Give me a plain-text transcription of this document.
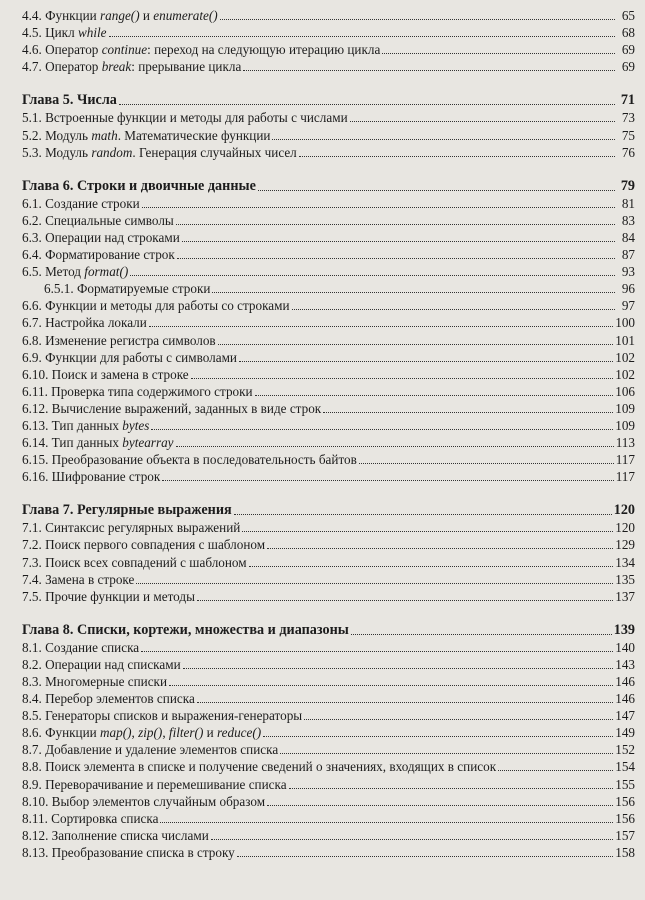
4.4. Функции range() и enumerate()	65
4.5. Цикл while	68
4.6. Оператор continue: переход на следующую итерацию цикла	69
4.7. Оператор break: прерывание цикла	69
Глава 5. Числа	71
5.1. Встроенные функции и методы для работы с числами	73
5.2. Модуль math. Математические функции	75
5.3. Модуль random. Генерация случайных чисел	76
Глава 6. Строки и двоичные данные	79
6.1. Создание строки	81
6.2. Специальные символы	83
6.3. Операции над строками	84
6.4. Форматирование строк	87
6.5. Метод format()	93
6.5.1. Форматируемые строки	96
6.6. Функции и методы для работы со строками	97
6.7. Настройка локали	100
6.8. Изменение регистра символов	101
6.9. Функции для работы с символами	102
6.10. Поиск и замена в строке	102
6.11. Проверка типа содержимого строки	106
6.12. Вычисление выражений, заданных в виде строк	109
6.13. Тип данных bytes	109
6.14. Тип данных bytearray	113
6.15. Преобразование объекта в последовательность байтов	117
6.16. Шифрование строк	117
Глава 7. Регулярные выражения	120
7.1. Синтаксис регулярных выражений	120
7.2. Поиск первого совпадения с шаблоном	129
7.3. Поиск всех совпадений с шаблоном	134
7.4. Замена в строке	135
7.5. Прочие функции и методы	137
Глава 8. Списки, кортежи, множества и диапазоны	139
8.1. Создание списка	140
8.2. Операции над списками	143
8.3. Многомерные списки	146
8.4. Перебор элементов списка	146
8.5. Генераторы списков и выражения-генераторы	147
8.6. Функции map(), zip(), filter() и reduce()	149
8.7. Добавление и удаление элементов списка	152
8.8. Поиск элемента в списке и получение сведений о значениях, входящих в список	154
8.9. Переворачивание и перемешивание списка	155
8.10. Выбор элементов случайным образом	156
8.11. Сортировка списка	156
8.12. Заполнение списка числами	157
8.13. Преобразование списка в строку	158
